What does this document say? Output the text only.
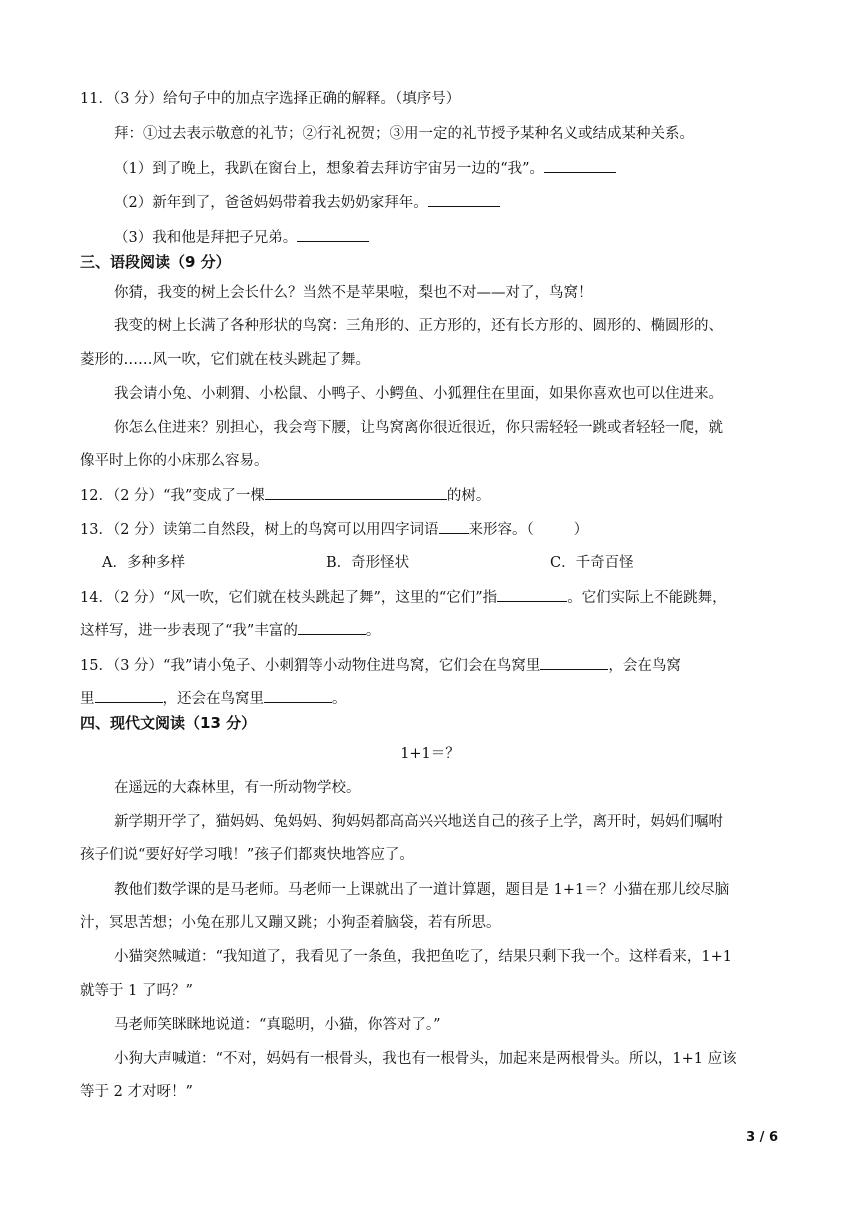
11．（3 分）给句子中的加点字选择正确的解释。（填序号）
拜：①过去表示敬意的礼节；②行礼祝贺；③用一定的礼节授予某种名义或结成某种关系。
（1）到了晚上，我趴在窗台上，想象着去拜访宇宙另一边的“我”。
（2）新年到了，爸爸妈妈带着我去奶奶家拜年。
（3）我和他是拜把子兄弟。
三、语段阅读（9 分）
你猜，我变的树上会长什么？当然不是苹果啦，梨也不对——对了，鸟窝！
我变的树上长满了各种形状的鸟窝：三角形的、正方形的，还有长方形的、圆形的、椭圆形的、
菱形的……风一吹，它们就在枝头跳起了舞。
我会请小兔、小刺猬、小松鼠、小鸭子、小鳄鱼、小狐狸住在里面，如果你喜欢也可以住进来。
你怎么住进来？别担心，我会弯下腰，让鸟窝离你很近很近，你只需轻轻一跳或者轻轻一爬，就
像平时上你的小床那么容易。
12．（2 分）“我”变成了一棵	的树。
13．（2 分）读第二自然段，树上的鸟窝可以用四字词语 来形容。（	）
A．多种多样	B．奇形怪状	C．千奇百怪
14．（2 分）“风一吹，它们就在枝头跳起了舞”，这里的“它们”指	。它们实际上不能跳舞，
这样写，进一步表现了“我”丰富的	。
15．（3 分）“我”请小兔子、小刺猬等小动物住进鸟窝，它们会在鸟窝里	，会在鸟窝
里	，还会在鸟窝里	。
四、现代文阅读（13 分）
1+1＝？
在遥远的大森林里，有一所动物学校。
新学期开学了，猫妈妈、兔妈妈、狗妈妈都高高兴兴地送自己的孩子上学，离开时，妈妈们嘱咐
孩子们说“要好好学习哦！”孩子们都爽快地答应了。
教他们数学课的是马老师。马老师一上课就出了一道计算题，题目是 1+1＝？小猫在那儿绞尽脑
汁，冥思苦想；小兔在那儿又蹦又跳；小狗歪着脑袋，若有所思。
小猫突然喊道：“我知道了，我看见了一条鱼，我把鱼吃了，结果只剩下我一个。这样看来，1+1
就等于 1 了吗？”
马老师笑眯眯地说道：“真聪明，小猫，你答对了。”
小狗大声喊道：“不对，妈妈有一根骨头，我也有一根骨头，加起来是两根骨头。所以，1+1 应该
等于 2 才对呀！”
3 / 6
